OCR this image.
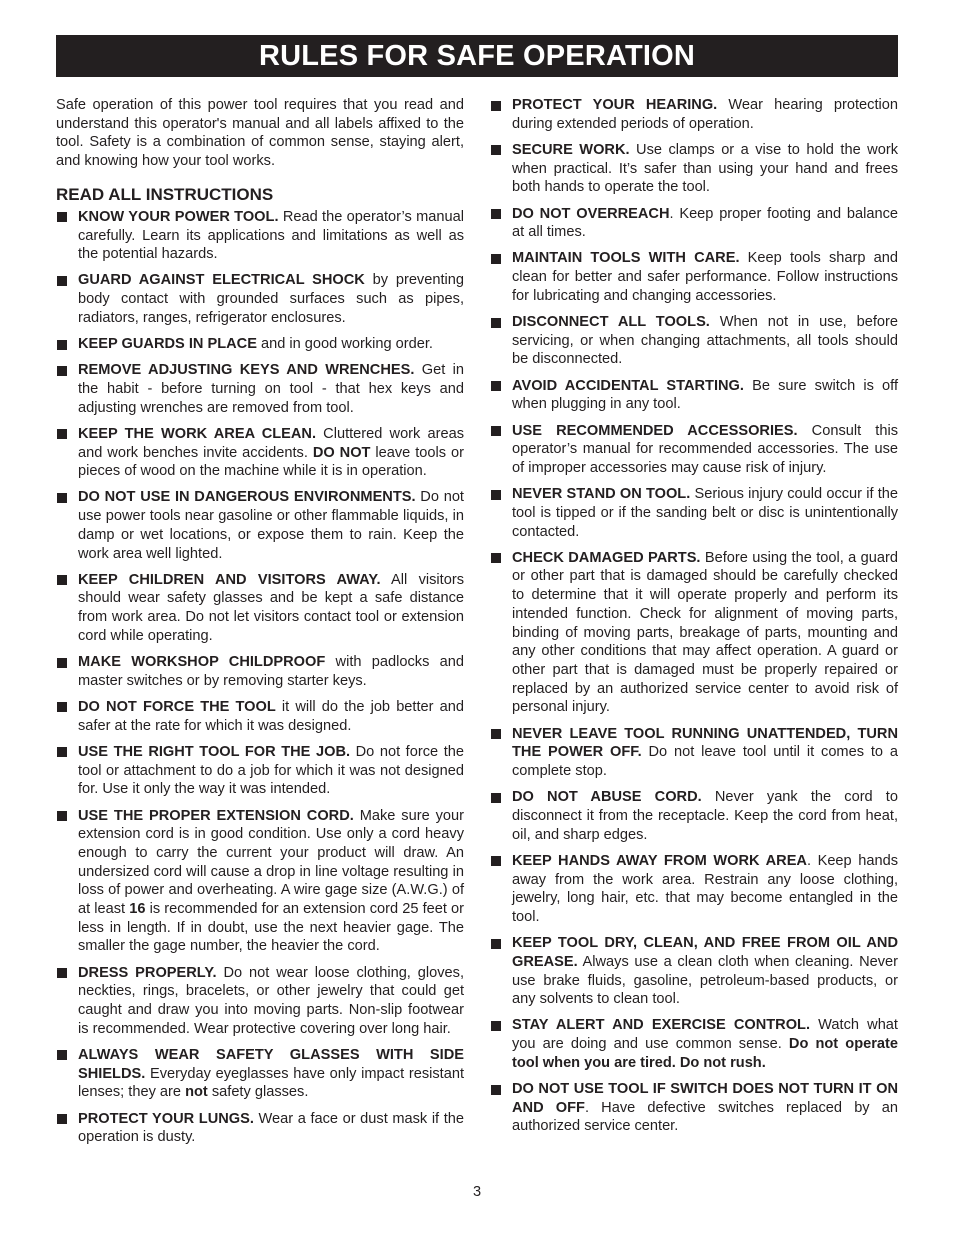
RULES FOR SAFE OPERATION

Safe operation of this power tool requires that you read and understand this operator's manual and all labels affixed to the tool. Safety is a combination of common sense, staying alert, and knowing how your tool works.

READ ALL INSTRUCTIONS
KNOW YOUR POWER TOOL. Read the operator’s manual carefully. Learn its applications and limitations as well as the potential hazards.
GUARD AGAINST ELECTRICAL SHOCK by preventing body contact with grounded surfaces such as pipes, radiators, ranges, refrigerator enclosures.
KEEP GUARDS IN PLACE and in good working order.
REMOVE ADJUSTING KEYS AND WRENCHES. Get in the habit - before turning on tool - that hex keys and adjusting wrenches are removed from tool.
KEEP THE WORK AREA CLEAN. Cluttered work areas and work benches invite accidents. DO NOT leave tools or pieces of wood on the machine while it is in operation.
DO NOT USE IN DANGEROUS ENVIRONMENTS. Do not use power tools near gasoline or other flammable liquids, in damp or wet locations, or expose them to rain. Keep the work area well lighted.
KEEP CHILDREN AND VISITORS AWAY. All visitors should wear safety glasses and be kept a safe distance from work area. Do not let visitors contact tool or extension cord while operating.
MAKE WORKSHOP CHILDPROOF with padlocks and master switches or by removing starter keys.
DO NOT FORCE THE TOOL it will do the job better and safer at the rate for which it was designed.
USE THE RIGHT TOOL FOR THE JOB. Do not force the tool or attachment to do a job for which it was not designed for. Use it only the way it was intended.
USE THE PROPER EXTENSION CORD. Make sure your extension cord is in good condition. Use only a cord heavy enough to carry the current your product will draw. An undersized cord will cause a drop in line voltage resulting in loss of power and overheating. A wire gage size (A.W.G.) of at least 16 is recommended for an extension cord 25 feet or less in length. If in doubt, use the next heavier gage. The smaller the gage number, the heavier the cord.
DRESS PROPERLY. Do not wear loose clothing, gloves, neckties, rings, bracelets, or other jewelry that could get caught and draw you into moving parts. Non-slip footwear is recommended. Wear protective covering over long hair.
ALWAYS WEAR SAFETY GLASSES WITH SIDE SHIELDS. Everyday eyeglasses have only impact resistant lenses; they are not safety glasses.
PROTECT YOUR LUNGS. Wear a face or dust mask if the operation is dusty.
PROTECT YOUR HEARING. Wear hearing protection during extended periods of operation.
SECURE WORK. Use clamps or a vise to hold the work when practical. It’s safer than using your hand and frees both hands to operate the tool.
DO NOT OVERREACH. Keep proper footing and balance at all times.
MAINTAIN TOOLS WITH CARE. Keep tools sharp and clean for better and safer performance. Follow instructions for lubricating and changing accessories.
DISCONNECT ALL TOOLS. When not in use, before servicing, or when changing attachments, all tools should be disconnected.
AVOID ACCIDENTAL STARTING. Be sure switch is off when plugging in any tool.
USE RECOMMENDED ACCESSORIES. Consult this operator’s manual for recommended accessories. The use of improper accessories may cause risk of injury.
NEVER STAND ON TOOL. Serious injury could occur if the tool is tipped or if the sanding belt or disc is unintentionally contacted.
CHECK DAMAGED PARTS. Before using the tool, a guard or other part that is damaged should be carefully checked to determine that it will operate properly and perform its intended function. Check for alignment of moving parts, binding of moving parts, breakage of parts, mounting and any other conditions that may affect operation. A guard or other part that is damaged must be properly repaired or replaced by an authorized service center to avoid risk of personal injury.
NEVER LEAVE TOOL RUNNING UNATTENDED, TURN THE POWER OFF. Do not leave tool until it comes to a complete stop.
DO NOT ABUSE CORD. Never yank the cord to disconnect it from the receptacle. Keep the cord from heat, oil, and sharp edges.
KEEP HANDS AWAY FROM WORK AREA. Keep hands away from the work area. Restrain any loose clothing, jewelry, long hair, etc. that may become entangled in the tool.
KEEP TOOL DRY, CLEAN, AND FREE FROM OIL AND GREASE. Always use a clean cloth when cleaning. Never use brake fluids, gasoline, petroleum-based products, or any solvents to clean tool.
STAY ALERT AND EXERCISE CONTROL. Watch what you are doing and use common sense. Do not operate tool when you are tired. Do not rush.
DO NOT USE TOOL IF SWITCH DOES NOT TURN IT ON AND OFF. Have defective switches replaced by an authorized service center.
3
